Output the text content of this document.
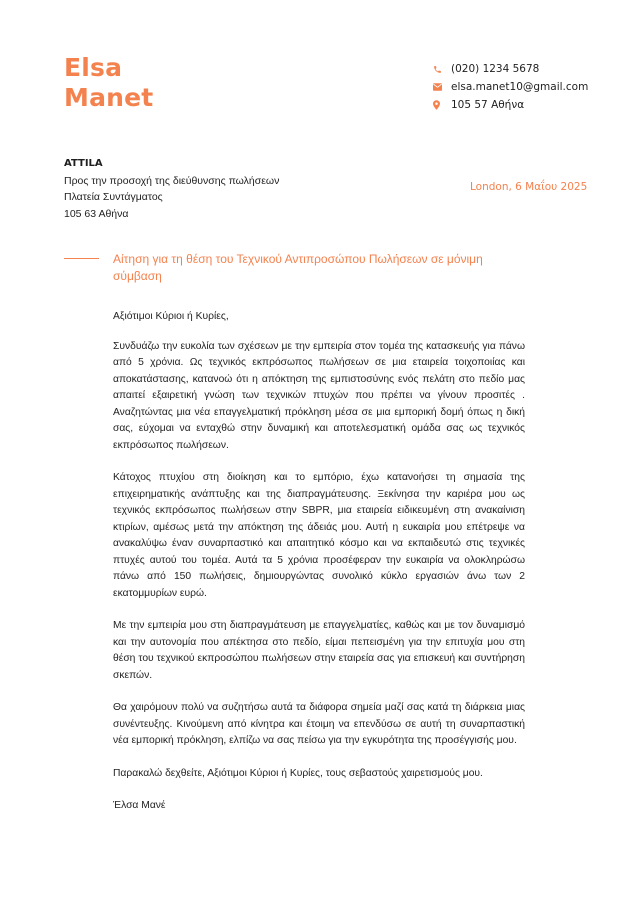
Elsa
Manet
(020) 1234 5678
elsa.manet10@gmail.com
105 57 Αθήνα
ATTILA
Προς την προσοχή της διεύθυνσης πωλήσεων
Πλατεία Συντάγματος
105 63 Αθήνα
London, 6 Μαΐου 2025
Αίτηση για τη θέση του Τεχνικού Αντιπροσώπου Πωλήσεων σε μόνιμη σύμβαση

Αξιότιμοι Κύριοι ή Κυρίες,

Συνδυάζω την ευκολία των σχέσεων με την εμπειρία στον τομέα της κατασκευής για πάνω από 5 χρόνια. Ως τεχνικός εκπρόσωπος πωλήσεων σε μια εταιρεία τοιχοποιίας και αποκατάστασης, κατανοώ ότι η απόκτηση της εμπιστοσύνης ενός πελάτη στο πεδίο μας απαιτεί εξαιρετική γνώση των τεχνικών πτυχών που πρέπει να γίνουν προσιτές . Αναζητώντας μια νέα επαγγελματική πρόκληση μέσα σε μια εμπορική δομή όπως η δική σας, εύχομαι να ενταχθώ στην δυναμική και αποτελεσματική ομάδα σας ως τεχνικός εκπρόσωπος πωλήσεων.

Κάτοχος πτυχίου στη διοίκηση και το εμπόριο, έχω κατανοήσει τη σημασία της επιχειρηματικής ανάπτυξης και της διαπραγμάτευσης. Ξεκίνησα την καριέρα μου ως τεχνικός εκπρόσωπος πωλήσεων στην SBPR, μια εταιρεία ειδικευμένη στη ανακαίνιση κτιρίων, αμέσως μετά την απόκτηση της άδειάς μου. Αυτή η ευκαιρία μου επέτρεψε να ανακαλύψω έναν συναρπαστικό και απαιτητικό κόσμο και να εκπαιδευτώ στις τεχνικές πτυχές αυτού του τομέα. Αυτά τα 5 χρόνια προσέφεραν την ευκαιρία να ολοκληρώσω πάνω από 150 πωλήσεις, δημιουργώντας συνολικό κύκλο εργασιών άνω των 2 εκατομμυρίων ευρώ.

Με την εμπειρία μου στη διαπραγμάτευση με επαγγελματίες, καθώς και με τον δυναμισμό και την αυτονομία που απέκτησα στο πεδίο, είμαι πεπεισμένη για την επιτυχία μου στη θέση του τεχνικού εκπροσώπου πωλήσεων στην εταιρεία σας για επισκευή και συντήρηση σκεπών.

Θα χαιρόμουν πολύ να συζητήσω αυτά τα διάφορα σημεία μαζί σας κατά τη διάρκεια μιας συνέντευξης. Κινούμενη από κίνητρα και έτοιμη να επενδύσω σε αυτή τη συναρπαστική νέα εμπορική πρόκληση, ελπίζω να σας πείσω για την εγκυρότητα της προσέγγισής μου.

Παρακαλώ δεχθείτε, Αξιότιμοι Κύριοι ή Κυρίες, τους σεβαστούς χαιρετισμούς μου.

Έλσα Μανέ
